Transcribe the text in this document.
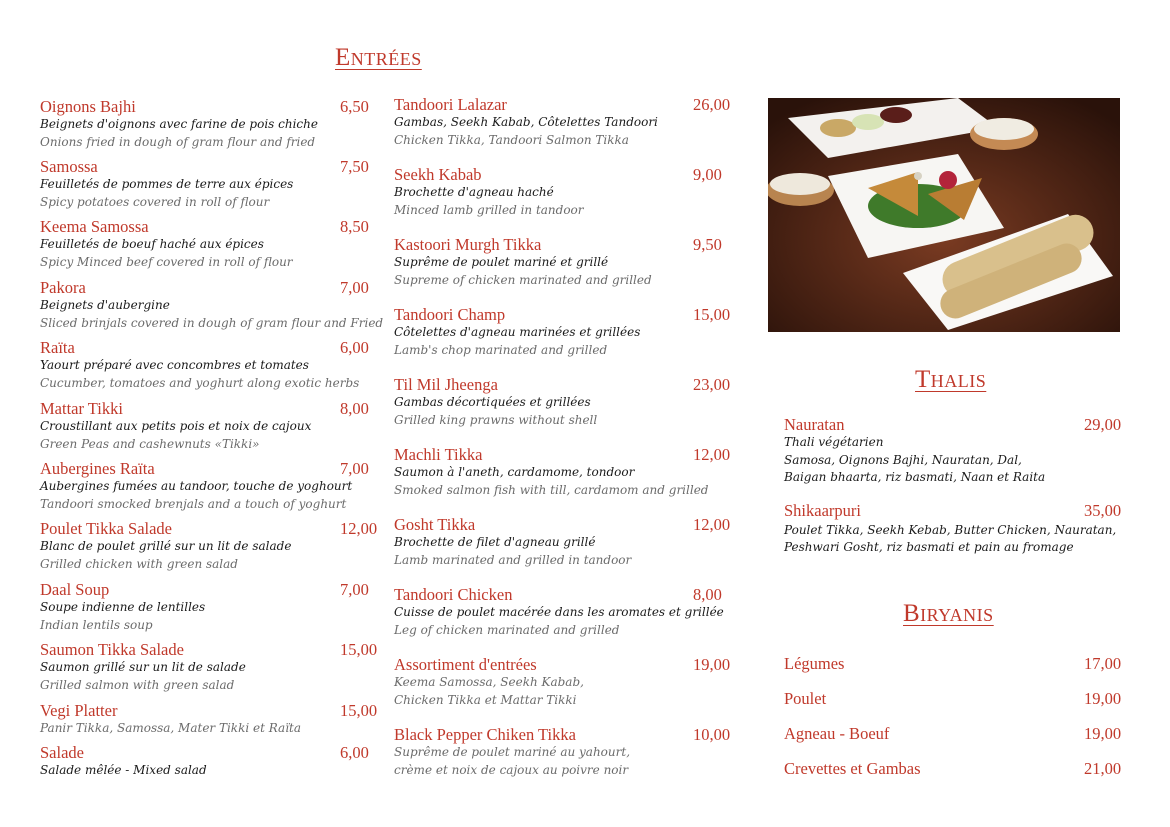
Entrées
Thalis
Biryanis
Oignons Bajhi	6,50
Beignets d'oignons avec farine de pois chiche
Onions fried in dough of gram flour and fried
Samossa	7,50
Feuilletés de pommes de terre aux épices
Spicy potatoes covered in roll of flour
Keema Samossa	8,50
Feuilletés de boeuf haché aux épices
Spicy Minced beef covered in roll of flour
Pakora	7,00
Beignets d'aubergine
Sliced brinjals covered in dough of gram flour and Fried
Raïta	6,00
Yaourt préparé avec concombres et tomates
Cucumber, tomatoes and yoghurt along exotic herbs
Mattar Tikki	8,00
Croustillant aux petits pois et noix de cajoux
Green Peas and cashewnuts «Tikki»
Aubergines Raïta	7,00
Aubergines fumées au tandoor, touche de yoghourt
Tandoori smocked brenjals and a touch of yoghurt
Poulet Tikka Salade	12,00
Blanc de poulet grillé sur un lit de salade
Grilled chicken with green salad
Daal Soup	7,00
Soupe indienne de lentilles
Indian lentils soup
Saumon Tikka Salade	15,00
Saumon grillé sur un lit de salade
Grilled salmon with green salad
Vegi Platter	15,00
Panir Tikka, Samossa, Mater Tikki et Raïta
Salade	6,00
Salade mêlée - Mixed salad
Tandoori Lalazar	26,00
Gambas, Seekh Kabab, Côtelettes Tandoori
Chicken Tikka, Tandoori Salmon Tikka
Seekh Kabab	9,00
Brochette d'agneau haché
Minced lamb grilled in tandoor
Kastoori Murgh Tikka	9,50
Suprême de poulet mariné et grillé
Supreme of chicken marinated and grilled
Tandoori Champ	15,00
Côtelettes d'agneau marinées et grillées
Lamb's chop marinated and grilled
Til Mil Jheenga	23,00
Gambas décortiquées et grillées
Grilled king prawns without shell
Machli Tikka	12,00
Saumon à l'aneth, cardamome, tondoor
Smoked salmon fish with till, cardamom and grilled
Gosht Tikka	12,00
Brochette de filet d'agneau grillé
Lamb marinated and grilled in tandoor
Tandoori Chicken	8,00
Cuisse de poulet macérée dans les aromates et grillée
Leg of chicken marinated and grilled
Assortiment d'entrées	19,00
Keema Samossa, Seekh Kabab,
Chicken Tikka et Mattar Tikki
Black Pepper Chiken Tikka	10,00
Suprême de poulet mariné au yahourt,
crème et noix de cajoux au poivre noir
Nauratan	29,00
Thali végétarien
Samosa, Oignons Bajhi, Nauratan, Dal,
Baigan bhaarta, riz basmati, Naan et Raita
Shikaarpuri	35,00
Poulet Tikka, Seekh Kebab, Butter Chicken, Nauratan,
Peshwari Gosht, riz basmati et pain au fromage
Légumes	17,00
Poulet	19,00
Agneau - Boeuf	19,00
Crevettes et Gambas	21,00
